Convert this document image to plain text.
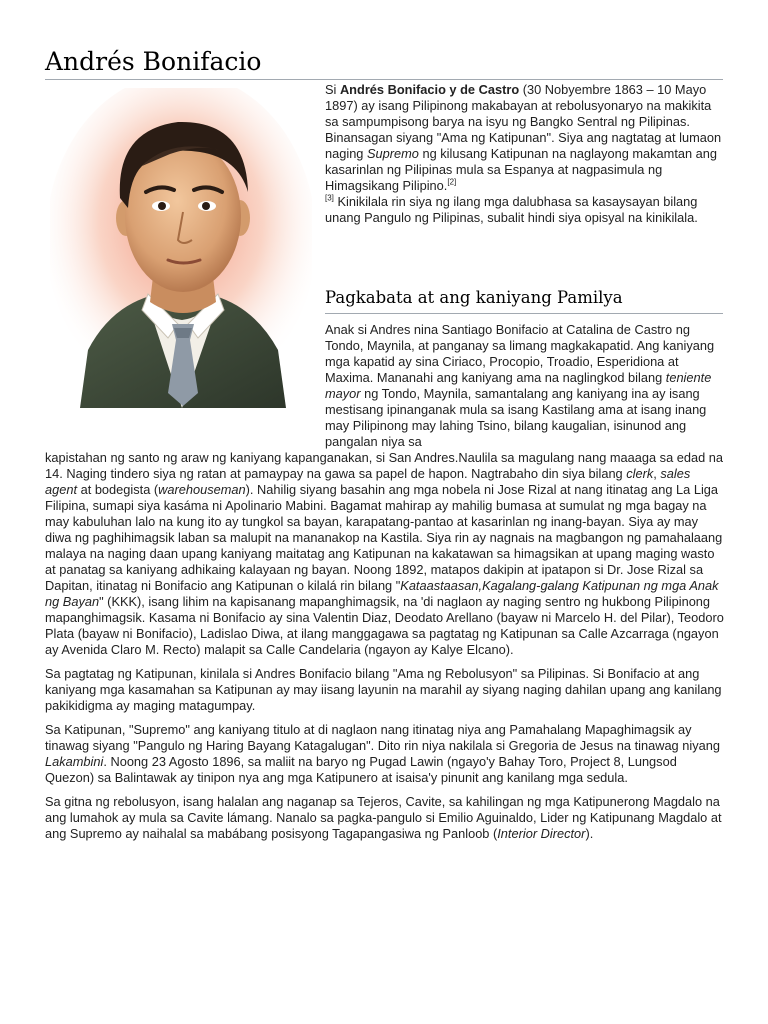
Andrés Bonifacio

Si Andrés Bonifacio y de Castro (30 Nobyembre 1863 – 10 Mayo 1897) ay isang Pilipinong makabayan at rebolusyonaryo na makikita sa sampumpisong barya na isyu ng Bangko Sentral ng Pilipinas. Binansagan siyang "Ama ng Katipunan". Siya ang nagtatag at lumaon naging Supremo ng kilusang Katipunan na naglayong makamtan ang kasarinlan ng Pilipinas mula sa Espanya at nagpasimula ng Himagsikang Pilipino.[2]
[3] Kinikilala rin siya ng ilang mga dalubhasa sa kasaysayan bilang unang Pangulo ng Pilipinas, subalit hindi siya opisyal na kinikilala.

Pagkabata at ang kaniyang Pamilya

Anak si Andres nina Santiago Bonifacio at Catalina de Castro ng Tondo, Maynila, at panganay sa limang magkakapatid. Ang kaniyang mga kapatid ay sina Ciriaco, Procopio, Troadio, Esperidiona at Maxima. Mananahi ang kaniyang ama na naglingkod bilang teniente mayor ng Tondo, Maynila, samantalang ang kaniyang ina ay isang mestisang ipinanganak mula sa isang Kastilang ama at isang inang may Pilipinong may lahing Tsino, bilang kaugalian, isinunod ang pangalan niya sa

kapistahan ng santo ng araw ng kaniyang kapanganakan, si San Andres.Naulila sa magulang nang maaaga sa edad na 14. Naging tindero siya ng ratan at pamaypay na gawa sa papel de hapon. Nagtrabaho din siya bilang clerk, sales agent at bodegista (warehouseman). Nahilig siyang basahin ang mga nobela ni Jose Rizal at nang itinatag ang La Liga Filipina, sumapi siya kasáma ni Apolinario Mabini. Bagamat mahirap ay mahilig bumasa at sumulat ng mga bagay na may kabuluhan lalo na kung ito ay tungkol sa bayan, karapatang-pantao at kasarinlan ng inang-bayan. Siya ay may diwa ng paghihimagsik laban sa malupit na mananakop na Kastila. Siya rin ay nagnais na magbangon ng pamahalaang malaya na naging daan upang kaniyang maitatag ang Katipunan na kakatawan sa himagsikan at upang maging wasto at panatag sa kaniyang adhikaing kalayaan ng bayan. Noong 1892, matapos dakipin at ipatapon si Dr. Jose Rizal sa Dapitan, itinatag ni Bonifacio ang Katipunan o kilalá rin bilang "Kataastaasan,Kagalang-galang Katipunan ng mga Anak ng Bayan" (KKK), isang lihim na kapisanang mapanghimagsik, na 'di naglaon ay naging sentro ng hukbong Pilipinong mapanghimagsik. Kasama ni Bonifacio ay sina Valentin Diaz, Deodato Arellano (bayaw ni Marcelo H. del Pilar), Teodoro Plata (bayaw ni Bonifacio), Ladislao Diwa, at ilang manggagawa sa pagtatag ng Katipunan sa Calle Azcarraga (ngayon ay Avenida Claro M. Recto) malapit sa Calle Candelaria (ngayon ay Kalye Elcano).

Sa pagtatag ng Katipunan, kinilala si Andres Bonifacio bilang "Ama ng Rebolusyon" sa Pilipinas. Si Bonifacio at ang kaniyang mga kasamahan sa Katipunan ay may iisang layunin na marahil ay siyang naging dahilan upang ang kanilang pakikidigma ay maging matagumpay.

Sa Katipunan, "Supremo" ang kaniyang titulo at di naglaon nang itinatag niya ang Pamahalang Mapaghimagsik ay tinawag siyang "Pangulo ng Haring Bayang Katagalugan". Dito rin niya nakilala si Gregoria de Jesus na tinawag niyang Lakambini. Noong 23 Agosto 1896, sa maliit na baryo ng Pugad Lawin (ngayo'y Bahay Toro, Project 8, Lungsod Quezon) sa Balintawak ay tinipon nya ang mga Katipunero at isaisa'y pinunit ang kanilang mga sedula.

Sa gitna ng rebolusyon, isang halalan ang naganap sa Tejeros, Cavite, sa kahilingan ng mga Katipunerong Magdalo na ang lumahok ay mula sa Cavite lámang. Nanalo sa pagka-pangulo si Emilio Aguinaldo, Lider ng Katipunang Magdalo at ang Supremo ay naihalal sa mabábang posisyong Tagapangasiwa ng Panloob (Interior Director).
